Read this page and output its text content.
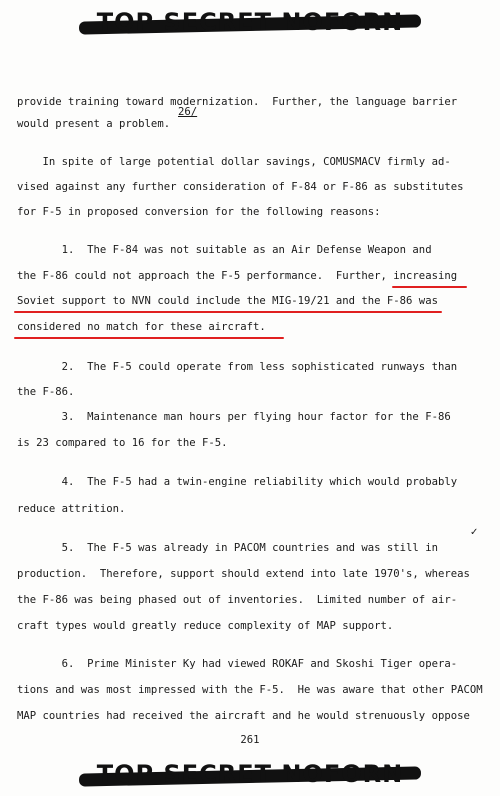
TOP SECRET NOFORN
provide training toward modernization.  Further, the language barrier
26/
would present a problem.
In spite of large potential dollar savings, COMUSMACV firmly ad-
vised against any further consideration of F-84 or F-86 as substitutes
for F-5 in proposed conversion for the following reasons:
1.  The F-84 was not suitable as an Air Defense Weapon and
the F-86 could not approach the F-5 performance.  Further, increasing
Soviet support to NVN could include the MIG-19/21 and the F-86 was
considered no match for these aircraft.
2.  The F-5 could operate from less sophisticated runways than
the F-86.
3.  Maintenance man hours per flying hour factor for the F-86
is 23 compared to 16 for the F-5.
4.  The F-5 had a twin-engine reliability which would probably
reduce attrition.
✓
5.  The F-5 was already in PACOM countries and was still in
production.  Therefore, support should extend into late 1970's, whereas
the F-86 was being phased out of inventories.  Limited number of air-
craft types would greatly reduce complexity of MAP support.
6.  Prime Minister Ky had viewed ROKAF and Skoshi Tiger opera-
tions and was most impressed with the F-5.  He was aware that other PACOM
MAP countries had received the aircraft and he would strenuously oppose
261
TOP SECRET NOFORN
